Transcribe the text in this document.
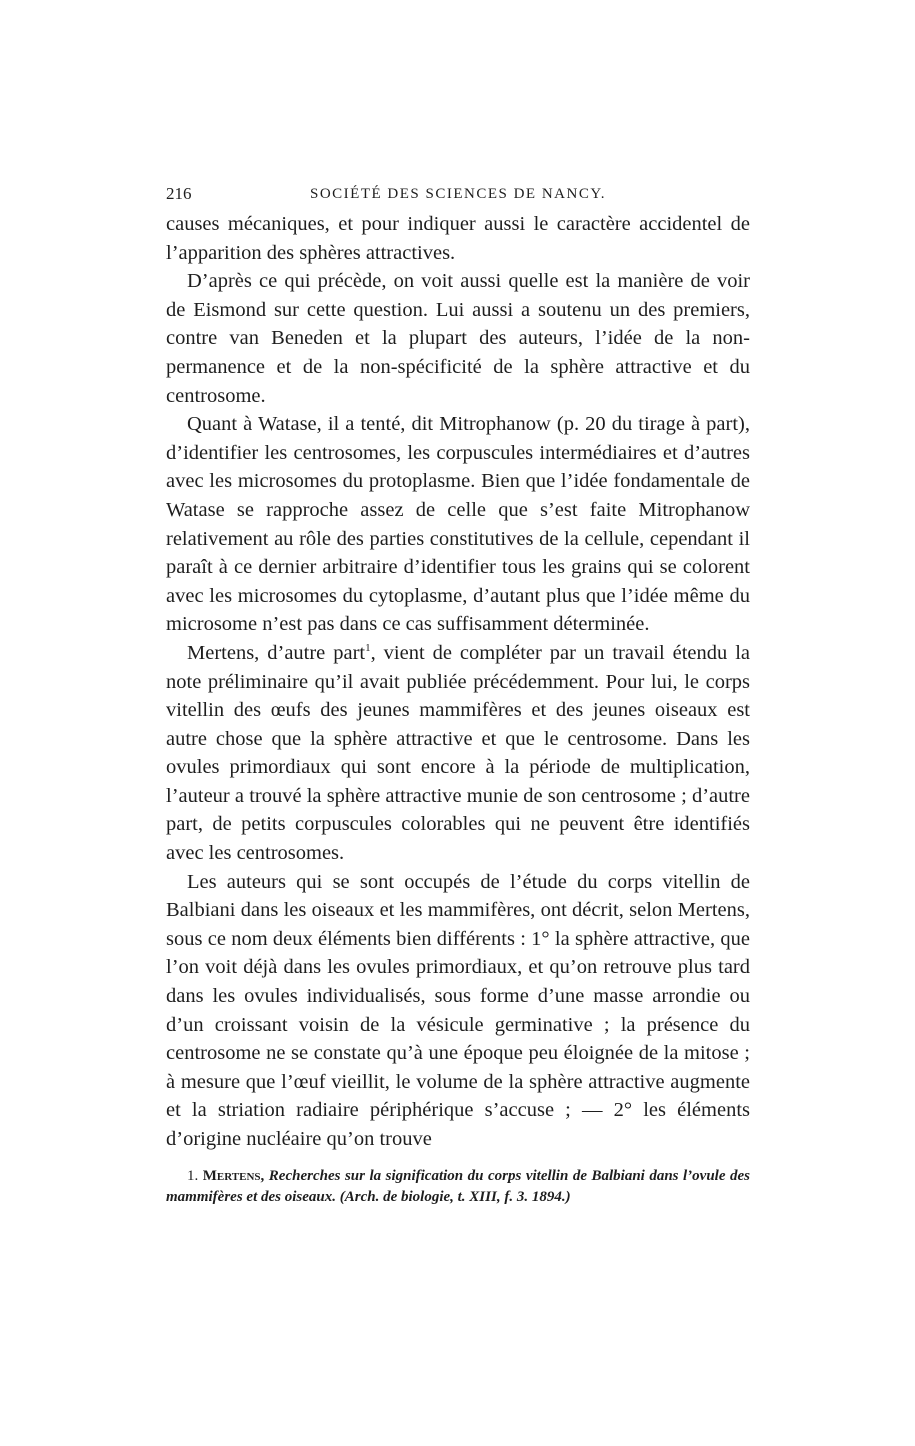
216	SOCIÉTÉ DES SCIENCES DE NANCY.

causes mécaniques, et pour indiquer aussi le caractère accidentel de l’apparition des sphères attractives.

D’après ce qui précède, on voit aussi quelle est la manière de voir de Eismond sur cette question. Lui aussi a soutenu un des premiers, contre van Beneden et la plupart des auteurs, l’idée de la non-permanence et de la non-spécificité de la sphère attractive et du centrosome.

Quant à Watase, il a tenté, dit Mitrophanow (p. 20 du tirage à part), d’identifier les centrosomes, les corpuscules intermédiaires et d’autres avec les microsomes du protoplasme. Bien que l’idée fondamentale de Watase se rapproche assez de celle que s’est faite Mitrophanow relativement au rôle des parties constitutives de la cellule, cependant il paraît à ce dernier arbitraire d’identifier tous les grains qui se colorent avec les microsomes du cytoplasme, d’autant plus que l’idée même du microsome n’est pas dans ce cas suffisamment déterminée.

Mertens, d’autre part$^1$, vient de compléter par un travail étendu la note préliminaire qu’il avait publiée précédemment. Pour lui, le corps vitellin des œufs des jeunes mammifères et des jeunes oiseaux est autre chose que la sphère attractive et que le centrosome. Dans les ovules primordiaux qui sont encore à la période de multiplication, l’auteur a trouvé la sphère attractive munie de son centrosome ; d’autre part, de petits corpuscules colorables qui ne peuvent être identifiés avec les centrosomes.

Les auteurs qui se sont occupés de l’étude du corps vitellin de Balbiani dans les oiseaux et les mammifères, ont décrit, selon Mertens, sous ce nom deux éléments bien différents : 1° la sphère attractive, que l’on voit déjà dans les ovules primordiaux, et qu’on retrouve plus tard dans les ovules individualisés, sous forme d’une masse arrondie ou d’un croissant voisin de la vésicule germinative ; la présence du centrosome ne se constate qu’à une époque peu éloignée de la mitose ; à mesure que l’œuf vieillit, le volume de la sphère attractive augmente et la striation radiaire périphérique s’accuse ; — 2° les éléments d’origine nucléaire qu’on trouve

1. Mertens, Recherches sur la signification du corps vitellin de Balbiani dans l’ovule des mammifères et des oiseaux. (Arch. de biologie, t. XIII, f. 3. 1894.)
